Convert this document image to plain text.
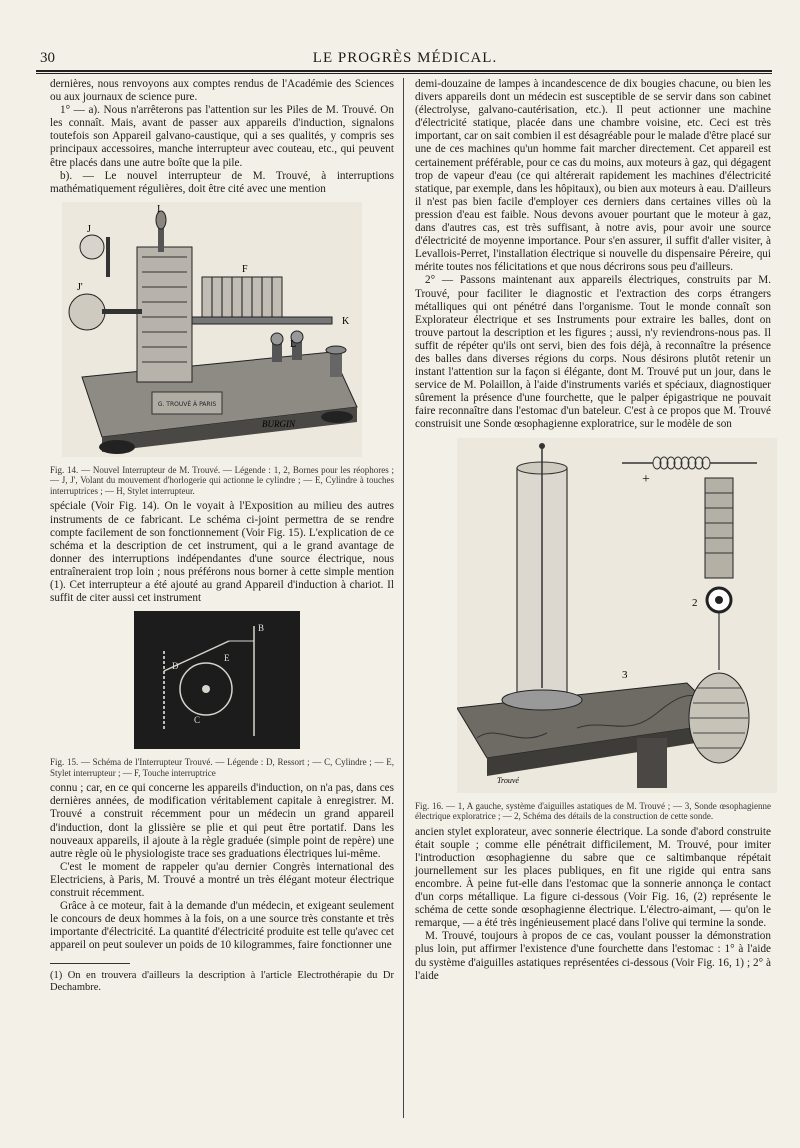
30	LE PROGRÈS MÉDICAL.

dernières, nous renvoyons aux comptes rendus de l'Académie des Sciences ou aux journaux de science pure.

1° — a). Nous n'arrêterons pas l'attention sur les Piles de M. Trouvé. On les connaît. Mais, avant de passer aux appareils d'induction, signalons toutefois son Appareil galvano-caustique, qui a ses qualités, y compris ses principaux accessoires, manche interrupteur avec couteau, etc., qui peuvent être placés dans une autre boîte que la pile.

b). — Le nouvel interrupteur de M. Trouvé, à interruptions mathématiquement régulières, doit être cité avec une mention

G. TROUVÉ À PARIS
J
I
J'
F
K
L
BURGIN
Fig. 14. — Nouvel Interrupteur de M. Trouvé. — Légende : 1, 2, Bornes pour les réophores ; — J, J', Volant du mouvement d'horlogerie qui actionne le cylindre ; — E, Cylindre à touches interruptrices ; — H, Stylet interrupteur.

spéciale (Voir Fig. 14). On le voyait à l'Exposition au milieu des autres instruments de ce fabricant. Le schéma ci-joint permettra de se rendre compte facilement de son fonctionnement (Voir Fig. 15). L'explication de ce schéma et la description de cet instrument, qui a le grand avantage de donner des interruptions indépendantes d'une source électrique, nous entraîneraient trop loin ; nous préférons nous borner à cette simple mention (1). Cet interrupteur a été ajouté au grand Appareil d'induction à chariot. Il suffit de citer aussi cet instrument

B
E
C
D
Fig. 15. — Schéma de l'Interrupteur Trouvé. — Légende : D, Ressort ; — C, Cylindre ; — E, Stylet interrupteur ; — F, Touche interruptrice

connu ; car, en ce qui concerne les appareils d'induction, on n'a pas, dans ces dernières années, de modification véritablement capitale à enregistrer. M. Trouvé a construit récemment pour un médecin un grand appareil d'induction, dont la glissière se plie et qui peut être portatif. Dans les nouveaux appareils, il ajoute à la règle graduée (simple point de repère) une autre règle où le physiologiste trace ses graduations électriques lui-même.

C'est le moment de rappeler qu'au dernier Congrès international des Electriciens, à Paris, M. Trouvé a montré un très élégant moteur électrique construit récemment.

Grâce à ce moteur, fait à la demande d'un médecin, et exigeant seulement le concours de deux hommes à la fois, on a une source très constante et très importante d'électricité. La quantité d'électricité produite est telle qu'avec cet appareil on peut soulever un poids de 10 kilogrammes, faire fonctionner une

(1) On en trouvera d'ailleurs la description à l'article Electrothérapie du Dr Dechambre.

demi-douzaine de lampes à incandescence de dix bougies chacune, ou bien les divers appareils dont un médecin est susceptible de se servir dans son cabinet (électrolyse, galvano-cautérisation, etc.). Il peut actionner une machine d'électricité statique, placée dans une chambre voisine, etc. Ceci est très important, car on sait combien il est désagréable pour le malade d'être placé sur une de ces machines qu'un homme fait marcher directement. Cet appareil est certainement préférable, pour ce cas du moins, aux moteurs à gaz, qui dégagent trop de vapeur d'eau (ce qui altérerait rapidement les machines d'électricité statique, par exemple, dans les hôpitaux), ou bien aux moteurs à eau. D'ailleurs il n'est pas bien facile d'employer ces derniers dans certaines villes où la pression d'eau est faible. Nous devons avouer pourtant que le moteur à gaz, dans d'autres cas, est très suffisant, à notre avis, pour avoir une source d'électricité de moyenne importance. Pour s'en assurer, il suffit d'aller visiter, à Levallois-Perret, l'installation électrique si nouvelle du dispensaire Péreire, qui mérite toutes nos félicitations et que nous décrirons sous peu d'ailleurs.

2° — Passons maintenant aux appareils électriques, construits par M. Trouvé, pour faciliter le diagnostic et l'extraction des corps étrangers métalliques qui ont pénétré dans l'organisme. Tout le monde connaît son Explorateur électrique et ses Instruments pour extraire les balles, dont on trouve partout la description et les figures ; aussi, n'y reviendrons-nous pas. Il suffit de répéter qu'ils ont servi, bien des fois déjà, à reconnaître la présence des balles dans diverses régions du corps. Nous désirons plutôt retenir un instant l'attention sur la façon si élégante, dont M. Trouvé put un jour, dans le service de M. Polaillon, à l'aide d'instruments variés et spéciaux, diagnostiquer sûrement la présence d'une fourchette, que le palper épigastrique ne pouvait faire reconnaître dans l'estomac d'un bateleur. C'est à ce propos que M. Trouvé construisit une Sonde œsophagienne exploratrice, sur le modèle de son

+
2
3
Trouvé
Fig. 16. — 1, A gauche, système d'aiguilles astatiques de M. Trouvé ; — 3, Sonde œsophagienne électrique exploratrice ; — 2, Schéma des détails de la construction de cette sonde.

ancien stylet explorateur, avec sonnerie électrique. La sonde d'abord construite était souple ; comme elle pénétrait difficilement, M. Trouvé, pour imiter l'introduction œsophagienne du sabre que ce saltimbanque répétait journellement sur les places publiques, en fit une rigide qui entra sans encombre. À peine fut-elle dans l'estomac que la sonnerie annonça le contact d'un corps métallique. La figure ci-dessous (Voir Fig. 16, (2) représente le schéma de cette sonde œsophagienne électrique. L'électro-aimant, — qu'on le remarque, — a été très ingénieusement placé dans l'olive qui termine la sonde.

M. Trouvé, toujours à propos de ce cas, voulant pousser la démonstration plus loin, put affirmer l'existence d'une fourchette dans l'estomac : 1° à l'aide du système d'aiguilles astatiques représentées ci-dessous (Voir Fig. 16, 1) ; 2° à l'aide
